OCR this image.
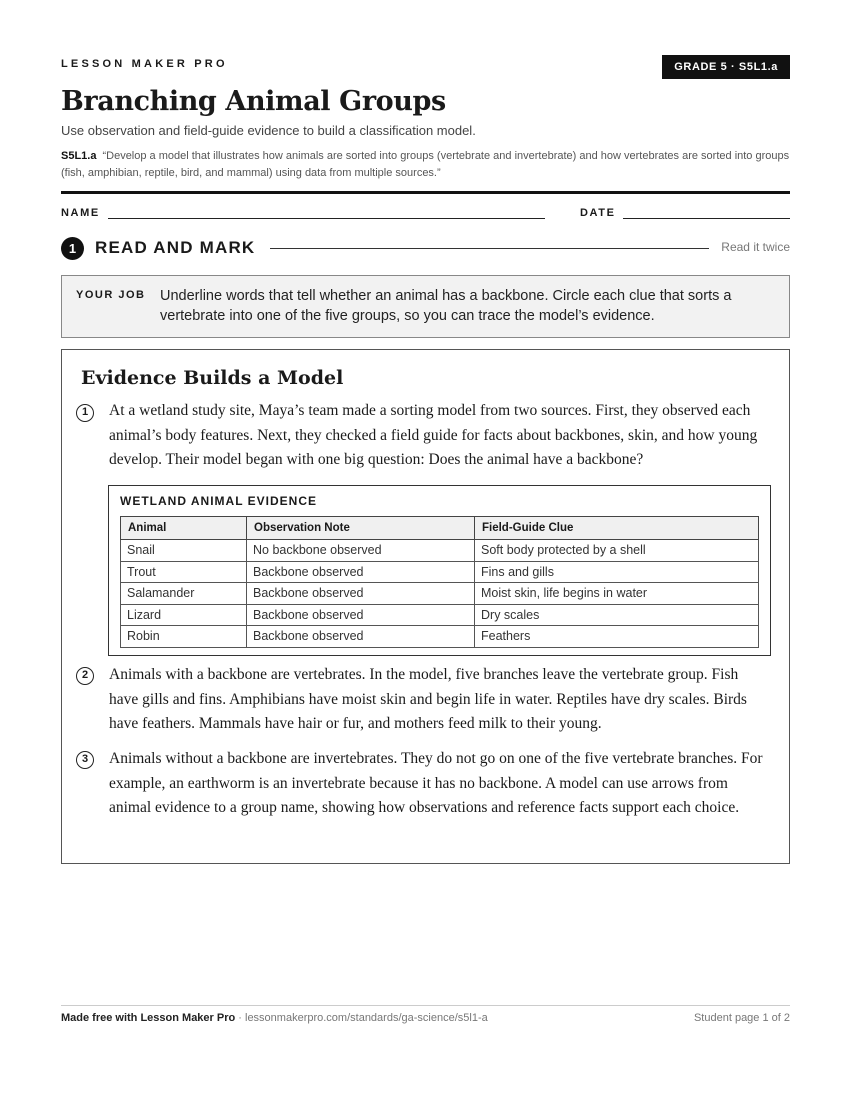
LESSON MAKER PRO	GRADE 5 · S5L1.a
Branching Animal Groups
Use observation and field-guide evidence to build a classification model.
S5L1.a “Develop a model that illustrates how animals are sorted into groups (vertebrate and invertebrate) and how vertebrates are sorted into groups (fish, amphibian, reptile, bird, and mammal) using data from multiple sources.”
NAME	DATE
1	READ AND MARK	Read it twice
YOUR JOB Underline words that tell whether an animal has a backbone. Circle each clue that sorts a vertebrate into one of the five groups, so you can trace the model’s evidence.
Evidence Builds a Model
1	At a wetland study site, Maya’s team made a sorting model from two sources. First, they observed each animal’s body features. Next, they checked a field guide for facts about backbones, skin, and how young develop. Their model began with one big question: Does the animal have a backbone?
WETLAND ANIMAL EVIDENCE
Animal	Observation Note	Field-Guide Clue
Snail	No backbone observed	Soft body protected by a shell
Trout	Backbone observed	Fins and gills
Salamander	Backbone observed	Moist skin, life begins in water
Lizard	Backbone observed	Dry scales
Robin	Backbone observed	Feathers
2	Animals with a backbone are vertebrates. In the model, five branches leave the vertebrate group. Fish have gills and fins. Amphibians have moist skin and begin life in water. Reptiles have dry scales. Birds have feathers. Mammals have hair or fur, and mothers feed milk to their young.
3	Animals without a backbone are invertebrates. They do not go on one of the five vertebrate branches. For example, an earthworm is an invertebrate because it has no backbone. A model can use arrows from animal evidence to a group name, showing how observations and reference facts support each choice.
Made free with Lesson Maker Pro · lessonmakerpro.com/standards/ga-science/s5l1-a	Student page 1 of 2
